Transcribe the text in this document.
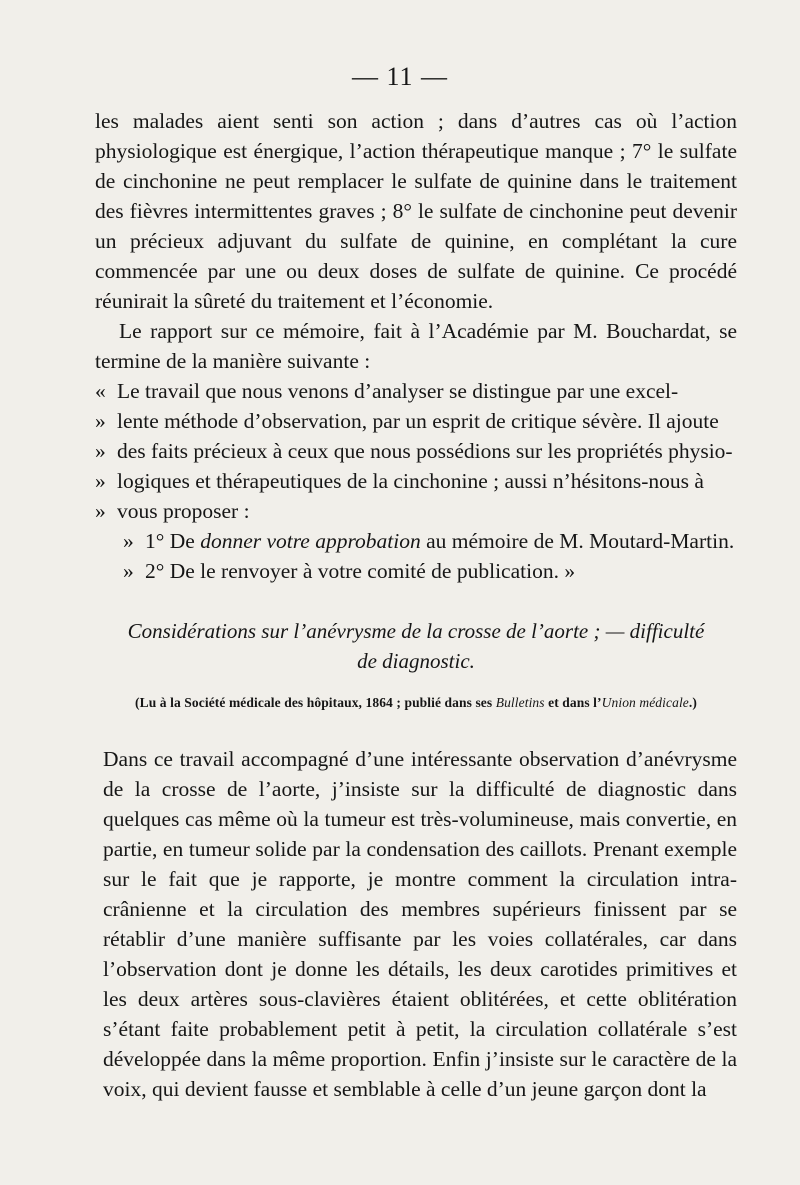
— 11 —

les malades aient senti son action ; dans d’autres cas où l’action physiologique est énergique, l’action thérapeutique manque ; 7° le sulfate de cinchonine ne peut remplacer le sulfate de quinine dans le traitement des fièvres intermittentes graves ; 8° le sulfate de cinchonine peut devenir un précieux adjuvant du sulfate de quinine, en complétant la cure commencée par une ou deux doses de sulfate de quinine. Ce procédé réunirait la sûreté du traitement et l’économie.

Le rapport sur ce mémoire, fait à l’Académie par M. Bouchardat, se termine de la manière suivante :

« Le travail que nous venons d’analyser se distingue par une excel-

» lente méthode d’observation, par un esprit de critique sévère. Il ajoute

» des faits précieux à ceux que nous possédions sur les propriétés physio-

» logiques et thérapeutiques de la cinchonine ; aussi n’hésitons-nous à

» vous proposer :

» 1° De donner votre approbation au mémoire de M. Moutard-Martin.

» 2° De le renvoyer à votre comité de publication. »

Considérations sur l’anévrysme de la crosse de l’aorte ; — difficulté
de diagnostic.
(Lu à la Société médicale des hôpitaux, 1864 ; publié dans ses Bulletins et dans l’Union médicale.)

Dans ce travail accompagné d’une intéressante observation d’anévrysme de la crosse de l’aorte, j’insiste sur la difficulté de diagnostic dans quelques cas même où la tumeur est très-volumineuse, mais convertie, en partie, en tumeur solide par la condensation des caillots. Prenant exemple sur le fait que je rapporte, je montre comment la circulation intra-crânienne et la circulation des membres supérieurs finissent par se rétablir d’une manière suffisante par les voies collatérales, car dans l’observation dont je donne les détails, les deux carotides primitives et les deux artères sous-clavières étaient oblitérées, et cette oblitération s’étant faite probablement petit à petit, la circulation collatérale s’est développée dans la même proportion. Enfin j’insiste sur le caractère de la voix, qui devient fausse et semblable à celle d’un jeune garçon dont la
